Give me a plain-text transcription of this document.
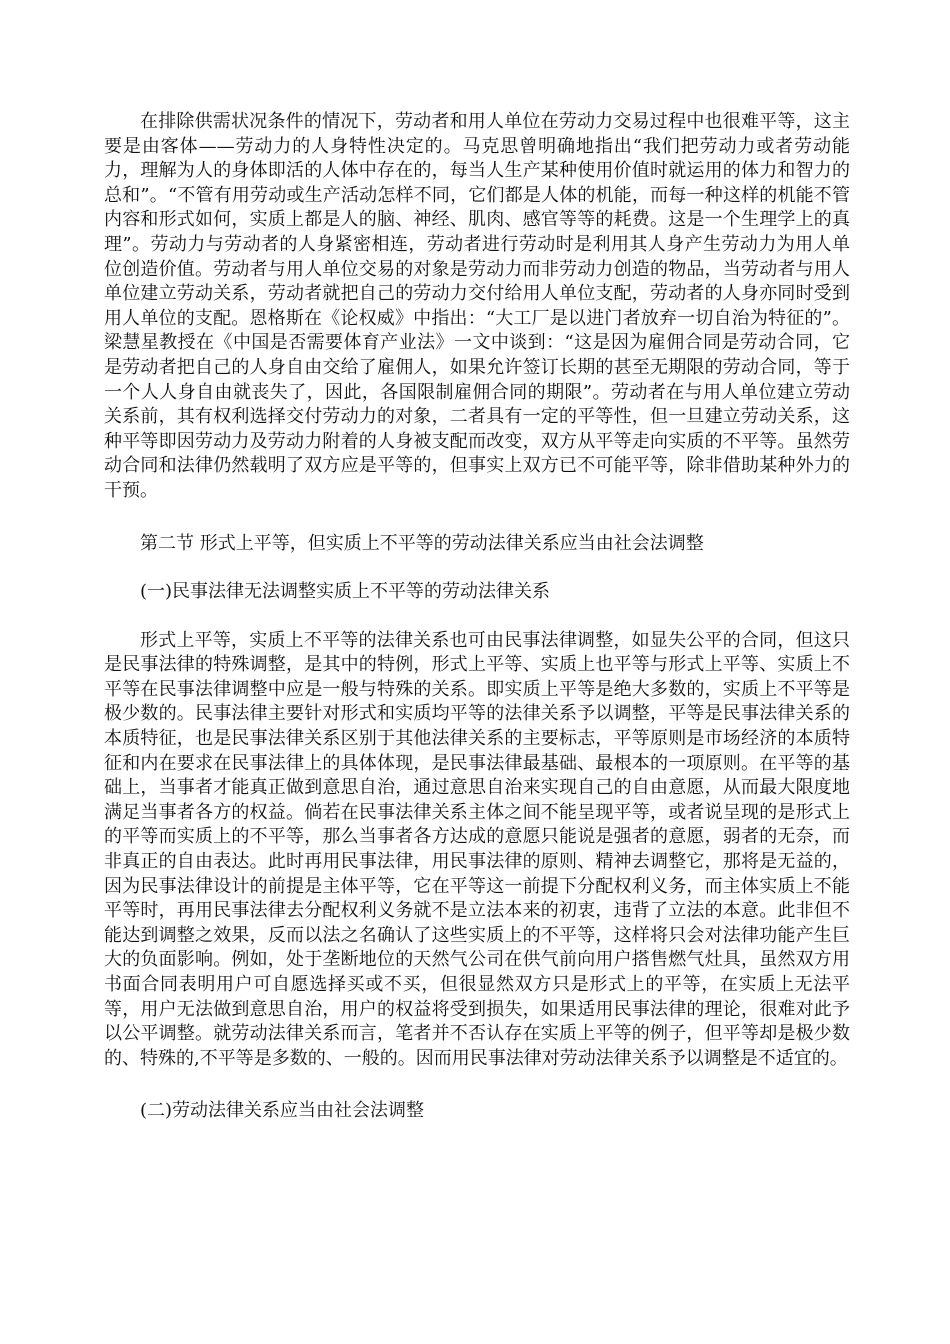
在排除供需状况条件的情况下，劳动者和用人单位在劳动力交易过程中也很难平等，这主要是由客体——劳动力的人身特性决定的。马克思曾明确地指出“我们把劳动力或者劳动能力，理解为人的身体即活的人体中存在的，每当人生产某种使用价值时就运用的体力和智力的总和”。“不管有用劳动或生产活动怎样不同，它们都是人体的机能，而每一种这样的机能不管内容和形式如何，实质上都是人的脑、神经、肌肉、感官等等的耗费。这是一个生理学上的真理”。劳动力与劳动者的人身紧密相连，劳动者进行劳动时是利用其人身产生劳动力为用人单位创造价值。劳动者与用人单位交易的对象是劳动力而非劳动力创造的物品，当劳动者与用人单位建立劳动关系，劳动者就把自己的劳动力交付给用人单位支配，劳动者的人身亦同时受到用人单位的支配。恩格斯在《论权威》中指出：“大工厂是以进门者放弃一切自治为特征的”。梁慧星教授在《中国是否需要体育产业法》一文中谈到：“这是因为雇佣合同是劳动合同，它是劳动者把自己的人身自由交给了雇佣人，如果允许签订长期的甚至无期限的劳动合同，等于一个人人身自由就丧失了，因此，各国限制雇佣合同的期限”。劳动者在与用人单位建立劳动关系前，其有权利选择交付劳动力的对象，二者具有一定的平等性，但一旦建立劳动关系，这种平等即因劳动力及劳动力附着的人身被支配而改变，双方从平等走向实质的不平等。虽然劳动合同和法律仍然载明了双方应是平等的，但事实上双方已不可能平等，除非借助某种外力的干预。

第二节 形式上平等，但实质上不平等的劳动法律关系应当由社会法调整

(一)民事法律无法调整实质上不平等的劳动法律关系

形式上平等，实质上不平等的法律关系也可由民事法律调整，如显失公平的合同，但这只是民事法律的特殊调整，是其中的特例，形式上平等、实质上也平等与形式上平等、实质上不平等在民事法律调整中应是一般与特殊的关系。即实质上平等是绝大多数的，实质上不平等是极少数的。民事法律主要针对形式和实质均平等的法律关系予以调整，平等是民事法律关系的本质特征，也是民事法律关系区别于其他法律关系的主要标志，平等原则是市场经济的本质特征和内在要求在民事法律上的具体体现，是民事法律最基础、最根本的一项原则。在平等的基础上，当事者才能真正做到意思自治，通过意思自治来实现自己的自由意愿，从而最大限度地满足当事者各方的权益。倘若在民事法律关系主体之间不能呈现平等，或者说呈现的是形式上的平等而实质上的不平等，那么当事者各方达成的意愿只能说是强者的意愿，弱者的无奈，而非真正的自由表达。此时再用民事法律，用民事法律的原则、精神去调整它，那将是无益的，因为民事法律设计的前提是主体平等，它在平等这一前提下分配权利义务，而主体实质上不能平等时，再用民事法律去分配权利义务就不是立法本来的初衷，违背了立法的本意。此非但不能达到调整之效果，反而以法之名确认了这些实质上的不平等，这样将只会对法律功能产生巨大的负面影响。例如，处于垄断地位的天然气公司在供气前向用户搭售燃气灶具，虽然双方用书面合同表明用户可自愿选择买或不买，但很显然双方只是形式上的平等，在实质上无法平等，用户无法做到意思自治，用户的权益将受到损失，如果适用民事法律的理论，很难对此予以公平调整。就劳动法律关系而言，笔者并不否认存在实质上平等的例子，但平等却是极少数的、特殊的,不平等是多数的、一般的。因而用民事法律对劳动法律关系予以调整是不适宜的。

(二)劳动法律关系应当由社会法调整
